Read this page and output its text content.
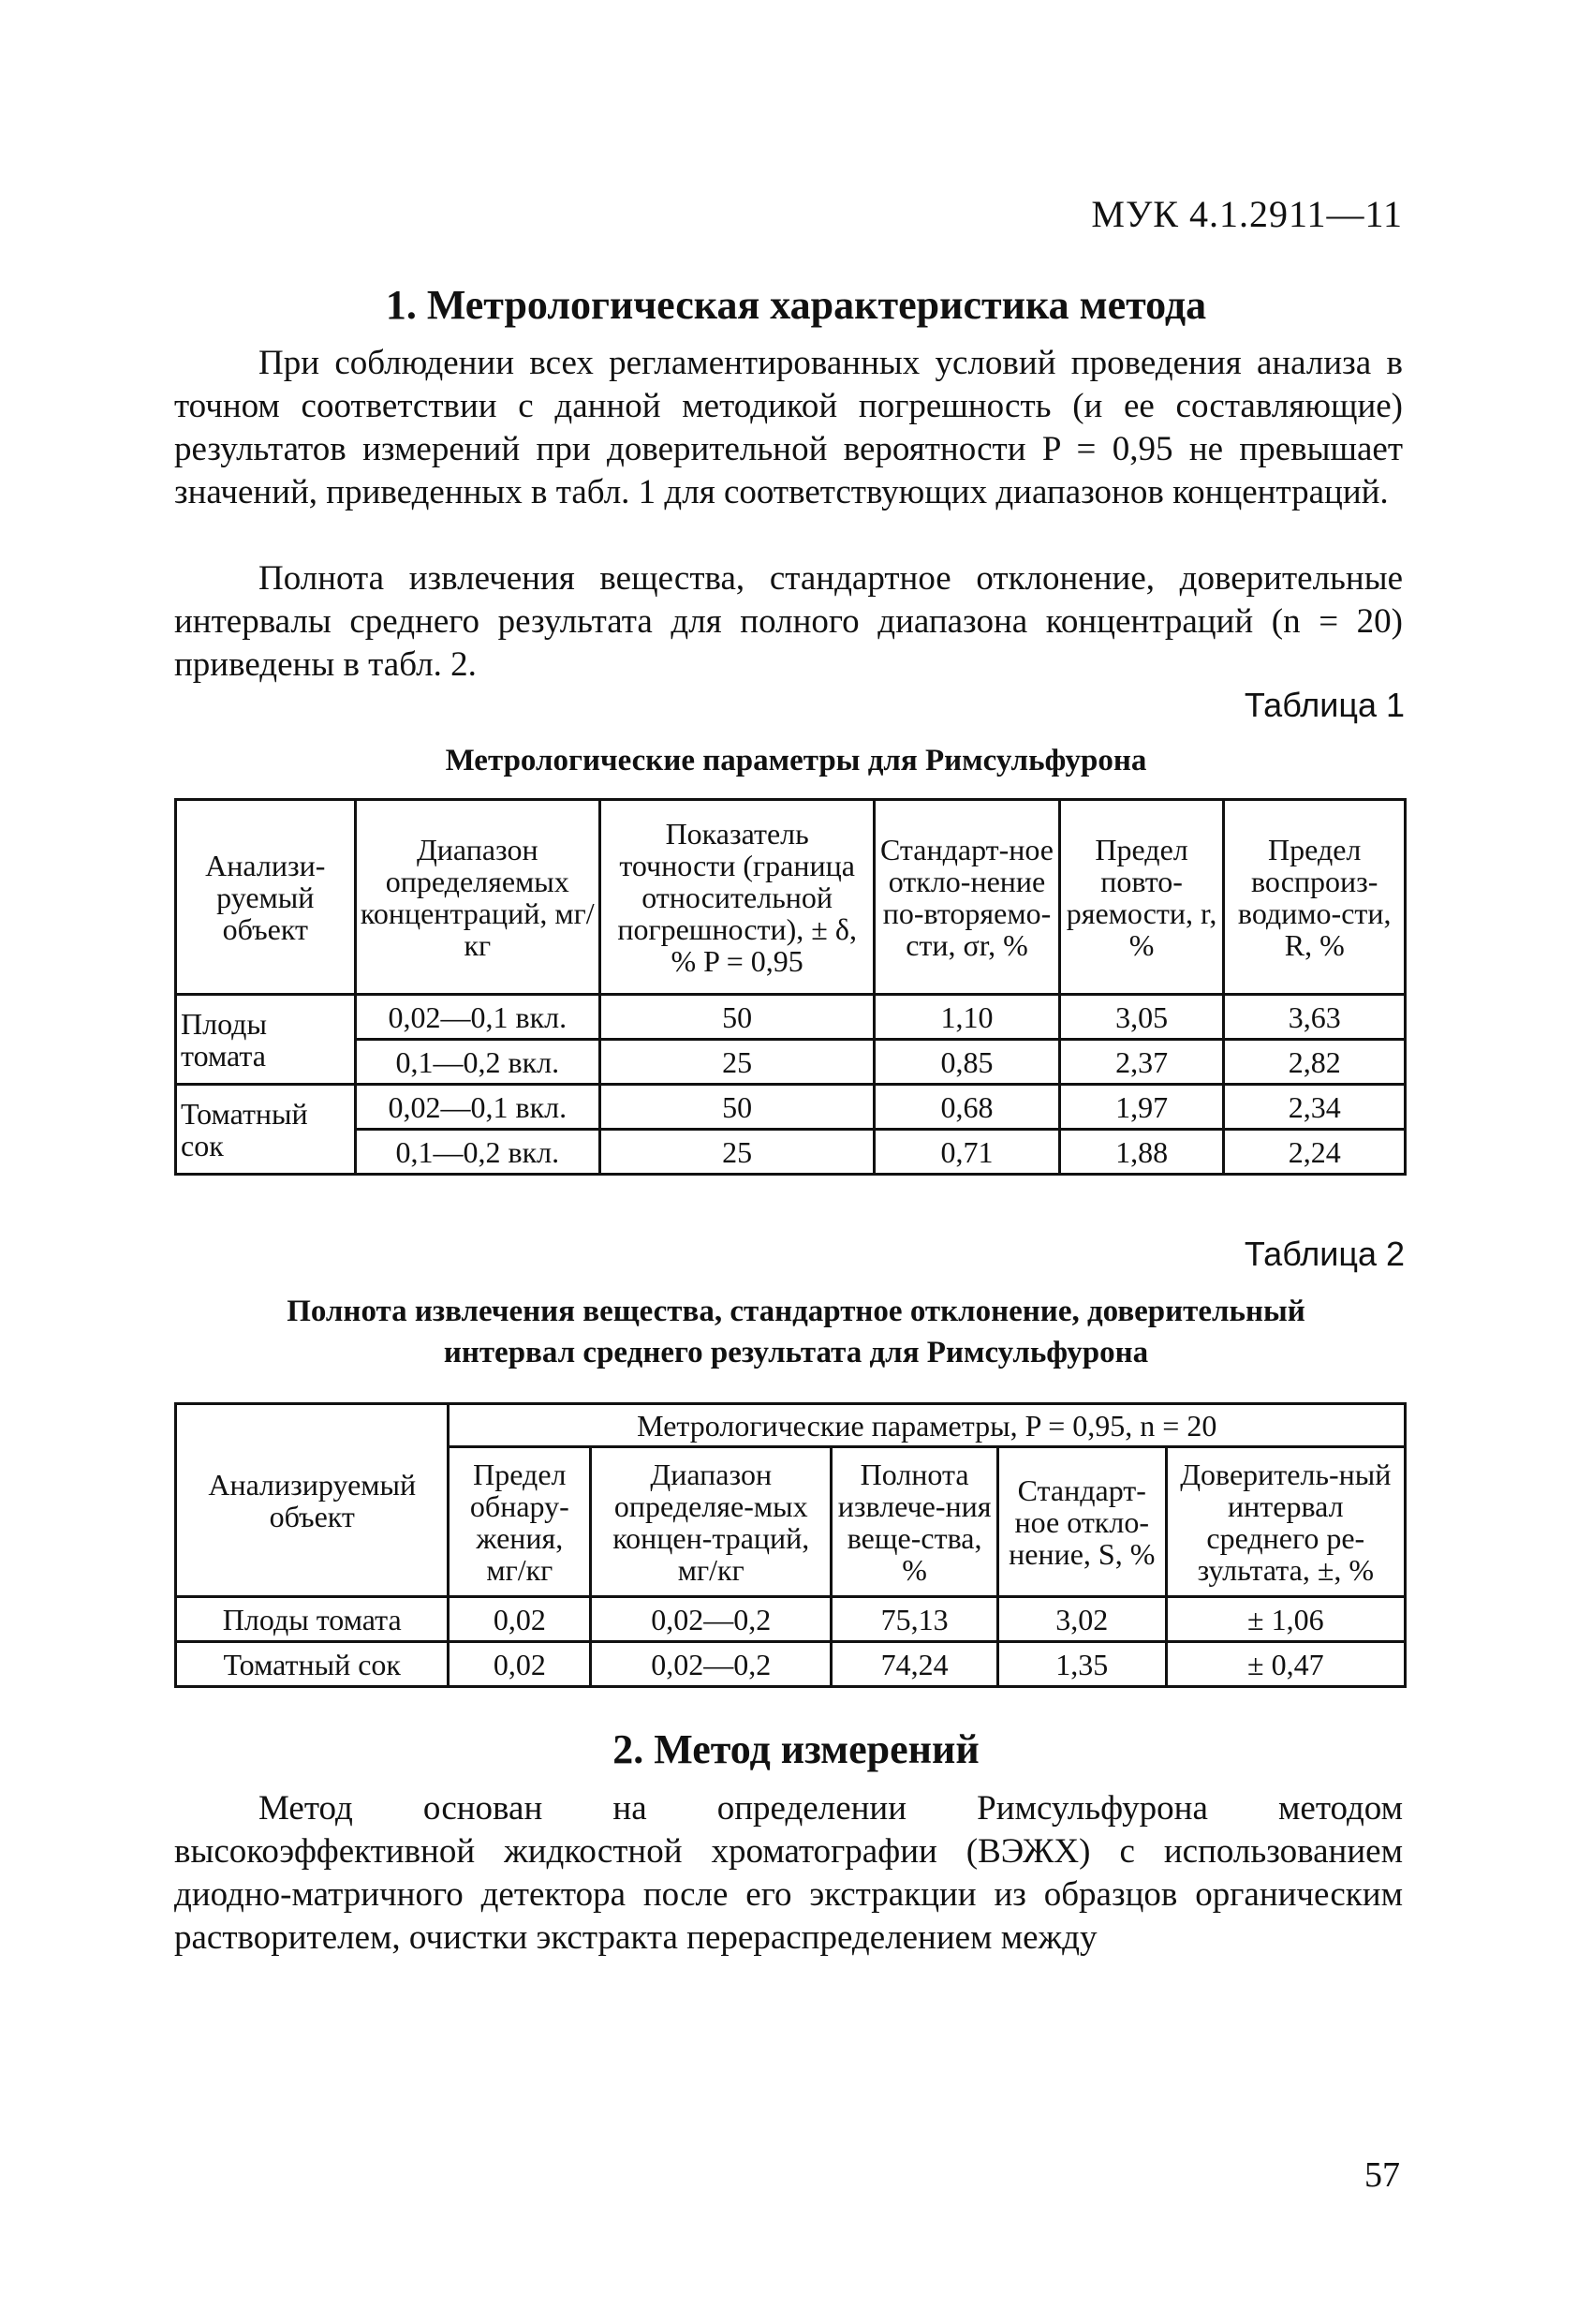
МУК 4.1.2911—11
1. Метрологическая характеристика метода

При соблюдении всех регламентированных условий проведения анализа в точном соответствии с данной методикой погрешность (и ее составляющие) результатов измерений при доверительной вероятности P = 0,95 не превышает значений, приведенных в табл. 1 для соответствующих диапазонов концентраций.

Полнота извлечения вещества, стандартное отклонение, доверительные интервалы среднего результата для полного диапазона концентраций (n = 20) приведены в табл. 2.

Таблица 1
Метрологические параметры для Римсульфурона
Анализи-руемый объект	Диапазон определяемых концентраций, мг/кг	Показатель точности (границa относительной погрешности), ± δ, % P = 0,95	Стандарт-ное откло-нение по-вторяемо-сти, σr, %	Предел повто-ряемости, r, %	Предел воспроиз-водимо-сти, R, %
Плоды томата	0,02—0,1 вкл.	50	1,10	3,05	3,63
	0,1—0,2 вкл.	25	0,85	2,37	2,82
Томатный сок	0,02—0,1 вкл.	50	0,68	1,97	2,34
	0,1—0,2 вкл.	25	0,71	1,88	2,24
Таблица 2
Полнота извлечения вещества, стандартное отклонение, доверительный
интервал среднего результата для Римсульфурона
Анализируемый объект	Метрологические параметры, P = 0,95, n = 20				
	Предел обнару-жения, мг/кг	Диапазон определяе-мых концен-траций, мг/кг	Полнота извлече-ния веще-ства, %	Стандарт-ное откло-нение, S, %	Доверитель-ный интервал среднего ре-зультата, ±, %
Плоды томата	0,02	0,02—0,2	75,13	3,02	± 1,06
Томатный сок	0,02	0,02—0,2	74,24	1,35	± 0,47
2. Метод измерений

Метод основан на определении Римсульфурона методом высокоэффективной жидкостной хроматографии (ВЭЖХ) с использованием диодно-матричного детектора после его экстракции из образцов органическим растворителем, очистки экстракта перераспределением между

57
